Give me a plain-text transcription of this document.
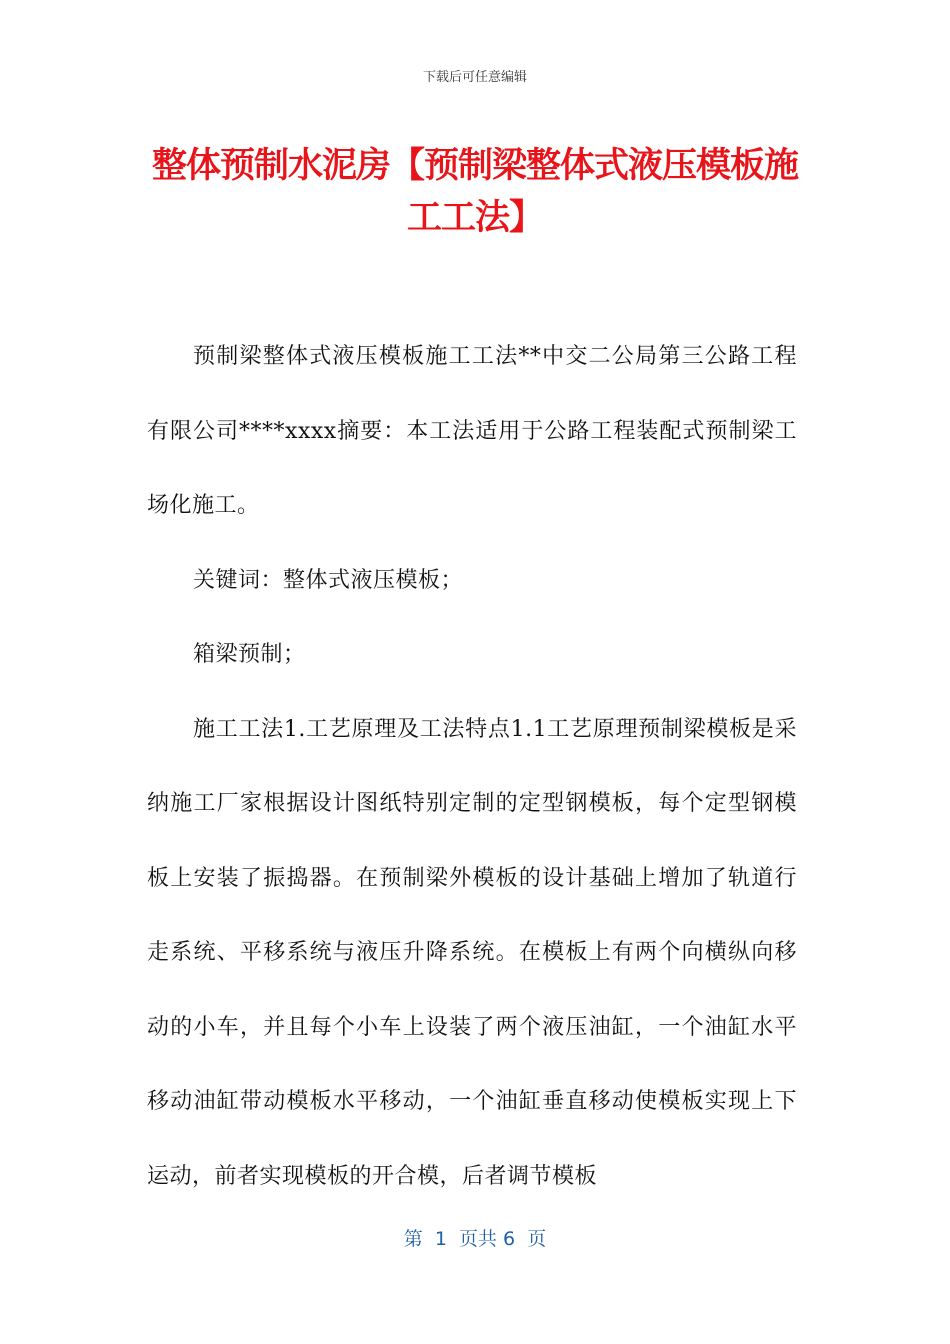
下载后可任意编辑
整体预制水泥房【预制梁整体式液压模板施工工法】

预制梁整体式液压模板施工工法**中交二公局第三公路工程有限公司****xxxx摘要：本工法适用于公路工程装配式预制梁工场化施工。

关键词：整体式液压模板；

箱梁预制；

施工工法1.工艺原理及工法特点1.1工艺原理预制梁模板是采纳施工厂家根据设计图纸特别定制的定型钢模板，每个定型钢模板上安装了振捣器。在预制梁外模板的设计基础上增加了轨道行走系统、平移系统与液压升降系统。在模板上有两个向横纵向移动的小车，并且每个小车上设装了两个液压油缸，一个油缸水平移动油缸带动模板水平移动，一个油缸垂直移动使模板实现上下运动，前者实现模板的开合模，后者调节模板

第  1  页共 6  页
